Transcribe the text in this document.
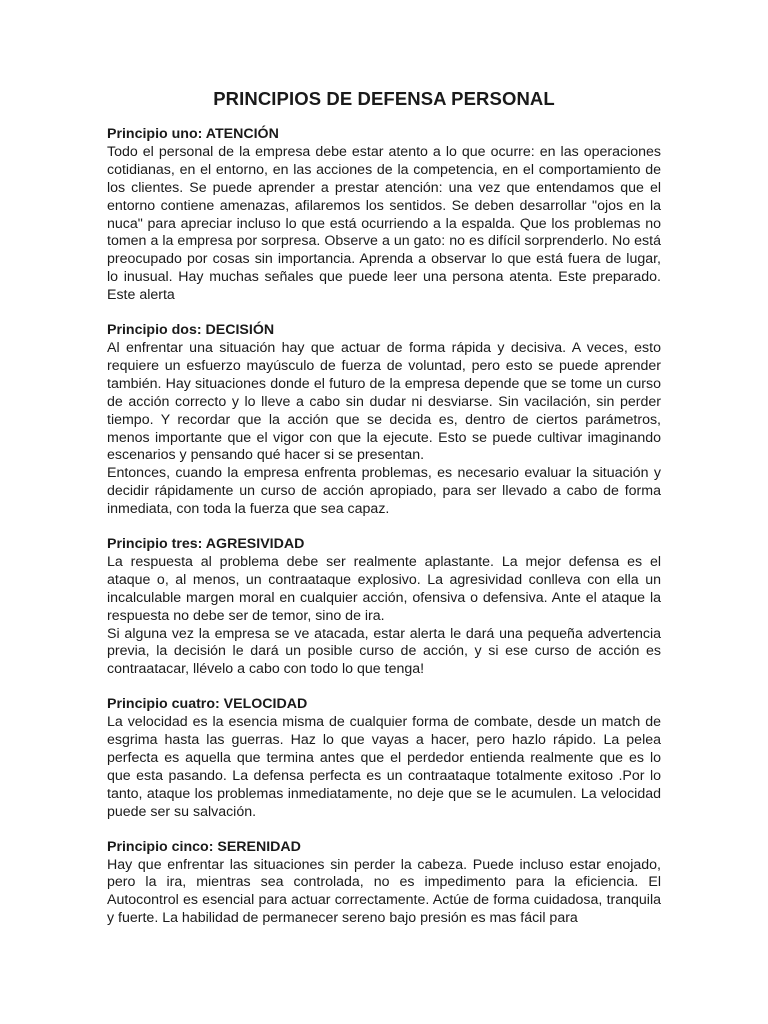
PRINCIPIOS DE DEFENSA PERSONAL

Principio uno: ATENCIÓN

Todo el personal de la empresa debe estar atento a lo que ocurre: en las operaciones cotidianas, en el entorno, en las acciones de la competencia, en el comportamiento de los clientes. Se puede aprender a prestar atención: una vez que entendamos que el entorno contiene amenazas, afilaremos los sentidos. Se deben desarrollar "ojos en la nuca" para apreciar incluso lo que está ocurriendo a la espalda. Que los problemas no tomen a la empresa por sorpresa. Observe a un gato: no es difícil sorprenderlo. No está preocupado por cosas sin importancia. Aprenda a observar lo que está fuera de lugar, lo inusual. Hay muchas señales que puede leer una persona atenta. Este preparado. Este alerta

Principio dos: DECISIÓN

Al enfrentar una situación hay que actuar de forma rápida y decisiva. A veces, esto requiere un esfuerzo mayúsculo de fuerza de voluntad, pero esto se puede aprender también. Hay situaciones donde el futuro de la empresa depende que se tome un curso de acción correcto y lo lleve a cabo sin dudar ni desviarse. Sin vacilación, sin perder tiempo. Y recordar que la acción que se decida es, dentro de ciertos parámetros, menos importante que el vigor con que la ejecute. Esto se puede cultivar imaginando escenarios y pensando qué hacer si se presentan.

Entonces, cuando la empresa enfrenta problemas, es necesario evaluar la situación y decidir rápidamente un curso de acción apropiado, para ser llevado a cabo de forma inmediata, con toda la fuerza que sea capaz.

Principio tres: AGRESIVIDAD

La respuesta al problema debe ser realmente aplastante. La mejor defensa es el ataque o, al menos, un contraataque explosivo. La agresividad conlleva con ella un incalculable margen moral en cualquier acción, ofensiva o defensiva. Ante el ataque la respuesta no debe ser de temor, sino de ira.

Si alguna vez la empresa se ve atacada, estar alerta le dará una pequeña advertencia previa, la decisión le dará un posible curso de acción, y si ese curso de acción es contraatacar, llévelo a cabo con todo lo que tenga!

Principio cuatro: VELOCIDAD

La velocidad es la esencia misma de cualquier forma de combate, desde un match de esgrima hasta las guerras. Haz lo que vayas a hacer, pero hazlo rápido. La pelea perfecta es aquella que termina antes que el perdedor entienda realmente que es lo que esta pasando. La defensa perfecta es un contraataque totalmente exitoso .Por lo tanto, ataque los problemas inmediatamente, no deje que se le acumulen. La velocidad puede ser su salvación.

Principio cinco: SERENIDAD

Hay que enfrentar las situaciones sin perder la cabeza. Puede incluso estar enojado, pero la ira, mientras sea controlada, no es impedimento para la eficiencia. El Autocontrol es esencial para actuar correctamente. Actúe de forma cuidadosa, tranquila y fuerte. La habilidad de permanecer sereno bajo presión es mas fácil para
